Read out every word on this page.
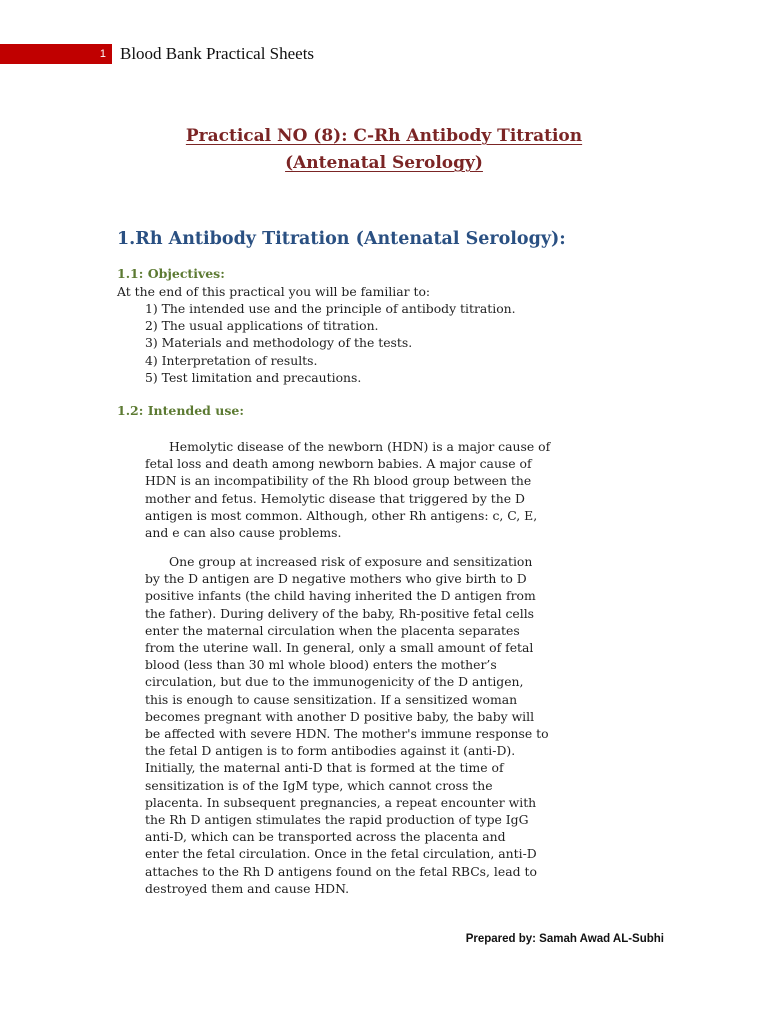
1 Blood Bank Practical Sheets
Practical NO (8): C-Rh Antibody Titration
(Antenatal Serology)
1.Rh Antibody Titration (Antenatal Serology):
1.1: Objectives:
At the end of this practical you will be familiar to:
1) The intended use and the principle of antibody titration.
2) The usual applications of titration.
3) Materials and methodology of the tests.
4) Interpretation of results.
5) Test limitation and precautions.
1.2: Intended use:
Hemolytic disease of the newborn (HDN) is a major cause of
fetal loss and death among newborn babies. A major cause of
HDN is an incompatibility of the Rh blood group between the
mother and fetus. Hemolytic disease that triggered by the D
antigen is most common. Although, other Rh antigens: c, C, E,
and e can also cause problems.
One group at increased risk of exposure and sensitization
by the D antigen are D negative mothers who give birth to D
positive infants (the child having inherited the D antigen from
the father). During delivery of the baby, Rh-positive fetal cells
enter the maternal circulation when the placenta separates
from the uterine wall. In general, only a small amount of fetal
blood (less than 30 ml whole blood) enters the mother’s
circulation, but due to the immunogenicity of the D antigen,
this is enough to cause sensitization. If a sensitized woman
becomes pregnant with another D positive baby, the baby will
be affected with severe HDN. The mother's immune response to
the fetal D antigen is to form antibodies against it (anti-D).
Initially, the maternal anti-D that is formed at the time of
sensitization is of the IgM type, which cannot cross the
placenta. In subsequent pregnancies, a repeat encounter with
the Rh D antigen stimulates the rapid production of type IgG
anti-D, which can be transported across the placenta and
enter the fetal circulation. Once in the fetal circulation, anti-D
attaches to the Rh D antigens found on the fetal RBCs, lead to
destroyed them and cause HDN.
Prepared by: Samah Awad AL-Subhi
